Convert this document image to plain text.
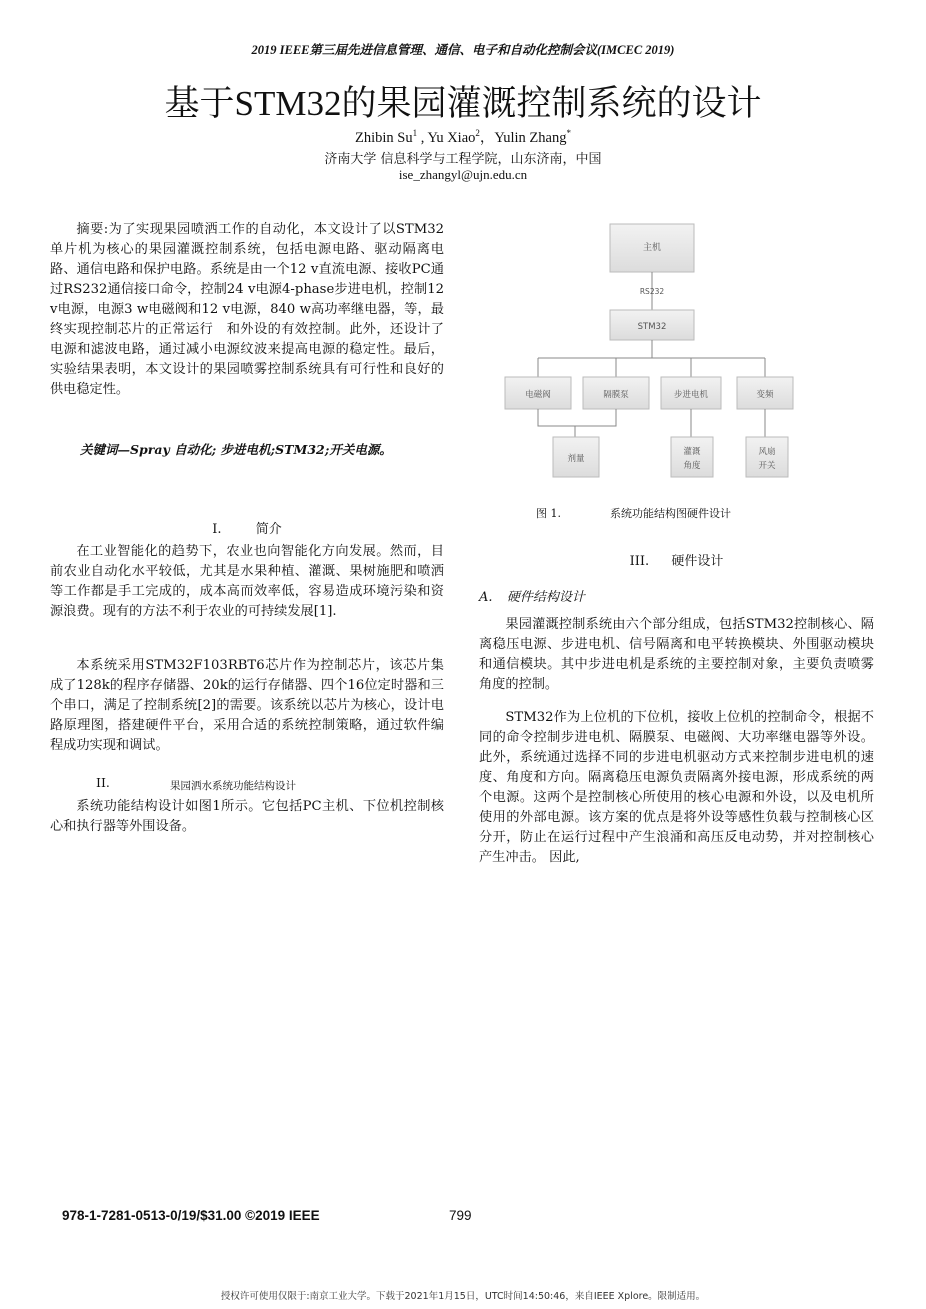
2019 IEEE第三届先进信息管理、通信、电子和自动化控制会议(IMCEC 2019)
基于STM32的果园灌溉控制系统的设计
Zhibin Su$^1$ , Yu Xiao$^2$，Yulin Zhang*
济南大学 信息科学与工程学院，山东济南，中国
ise_zhangyl@ujn.edu.cn

摘要:为了实现果园喷洒工作的自动化，本文设计了以STM32单片机为核心的果园灌溉控制系统，包括电源电路、驱动隔离电路、通信电路和保护电路。系统是由一个12 v直流电源、接收PC通过RS232通信接口命令，控制24 v电源4-phase步进电机，控制12 v电源，电源3 w电磁阀和12 v电源，840 w高功率继电器，等，最终实现控制芯片的正常运行　和外设的有效控制。此外，还设计了电源和滤波电路，通过减小电源纹波来提高电源的稳定性。最后，实验结果表明，本文设计的果园喷雾控制系统具有可行性和良好的供电稳定性。

关键词—Spray 自动化; 步进电机;STM32;开关电源。
I.	简介

在工业智能化的趋势下，农业也向智能化方向发展。然而，目前农业自动化水平较低，尤其是水果种植、灌溉、果树施肥和喷洒等工作都是手工完成的，成本高而效率低，容易造成环境污染和资源浪费。现有的方法不利于农业的可持续发展[1].

本系统采用STM32F103RBT6芯片作为控制芯片，该芯片集成了128k的程序存储器、20k的运行存储器、四个16位定时器和三个串口，满足了控制系统[2]的需要。该系统以芯片为核心，设计电路原理图，搭建硬件平台，采用合适的系统控制策略，通过软件编程成功实现和调试。

II.	果园洒水系统功能结构设计

系统功能结构设计如图1所示。它包括PC主机、下位机控制核心和执行器等外围设备。

主机
RS232
STM32
电磁阀	隔膜泵	步进电机	变频
剂量
灌溉
角度
风扇
开关
图 1.	系统功能结构图硬件设计
III. 硬件设计
A. 硬件结构设计

果园灌溉控制系统由六个部分组成，包括STM32控制核心、隔离稳压电源、步进电机、信号隔离和电平转换模块、外围驱动模块和通信模块。其中步进电机是系统的主要控制对象，主要负责喷雾角度的控制。

STM32作为上位机的下位机，接收上位机的控制命令，根据不同的命令控制步进电机、隔膜泵、电磁阀、大功率继电器等外设。此外，系统通过选择不同的步进电机驱动方式来控制步进电机的速度、角度和方向。隔离稳压电源负责隔离外接电源，形成系统的两个电源。这两个是控制核心所使用的核心电源和外设，以及电机所使用的外部电源。该方案的优点是将外设等感性负载与控制核心区分开，防止在运行过程中产生浪涌和高压反电动势，并对控制核心产生冲击。 因此,

978-1-7281-0513-0/19/$31.00 ©2019 IEEE	799
授权许可使用仅限于:南京工业大学。下载于2021年1月15日，UTC时间14:50:46，来自IEEE Xplore。限制适用。
